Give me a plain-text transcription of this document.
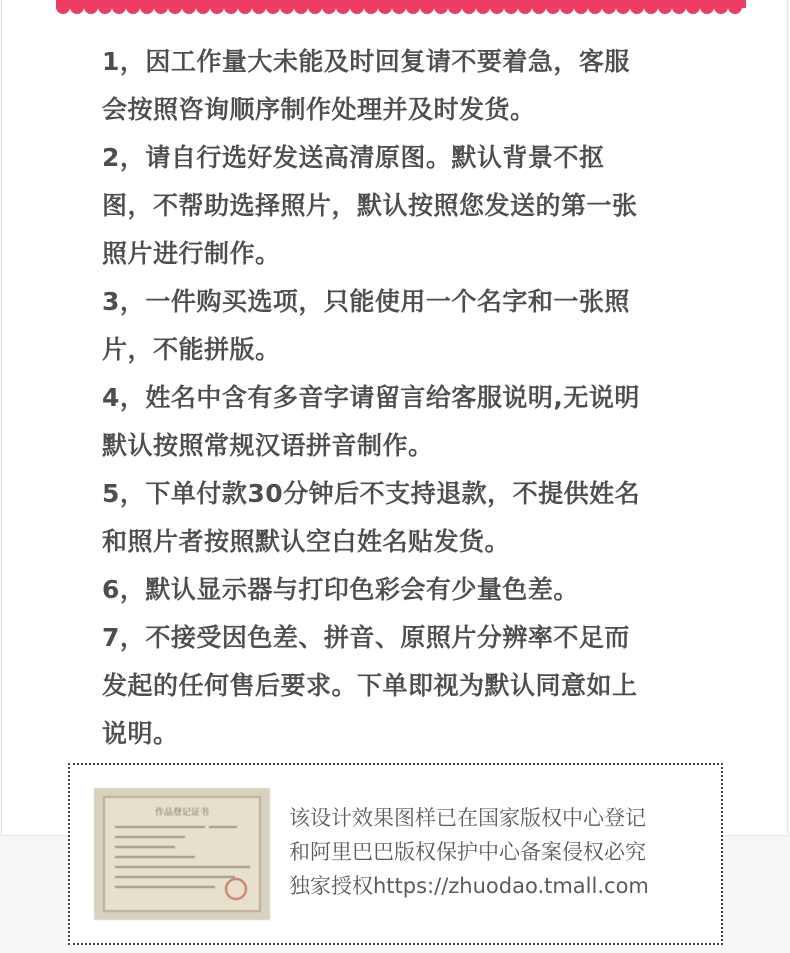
1，因工作量大未能及时回复请不要着急，客服
会按照咨询顺序制作处理并及时发货。
2，请自行选好发送高清原图。默认背景不抠
图，不帮助选择照片，默认按照您发送的第一张
照片进行制作。
3，一件购买选项，只能使用一个名字和一张照
片，不能拼版。
4，姓名中含有多音字请留言给客服说明,无说明
默认按照常规汉语拼音制作。
5，下单付款30分钟后不支持退款，不提供姓名
和照片者按照默认空白姓名贴发货。
6，默认显示器与打印色彩会有少量色差。
7，不接受因色差、拼音、原照片分辨率不足而
发起的任何售后要求。下单即视为默认同意如上
说明。
作品登记证书	该设计效果图样已在国家版权中心登记
和阿里巴巴版权保护中心备案侵权必究
独家授权https://zhuodao.tmall.com
